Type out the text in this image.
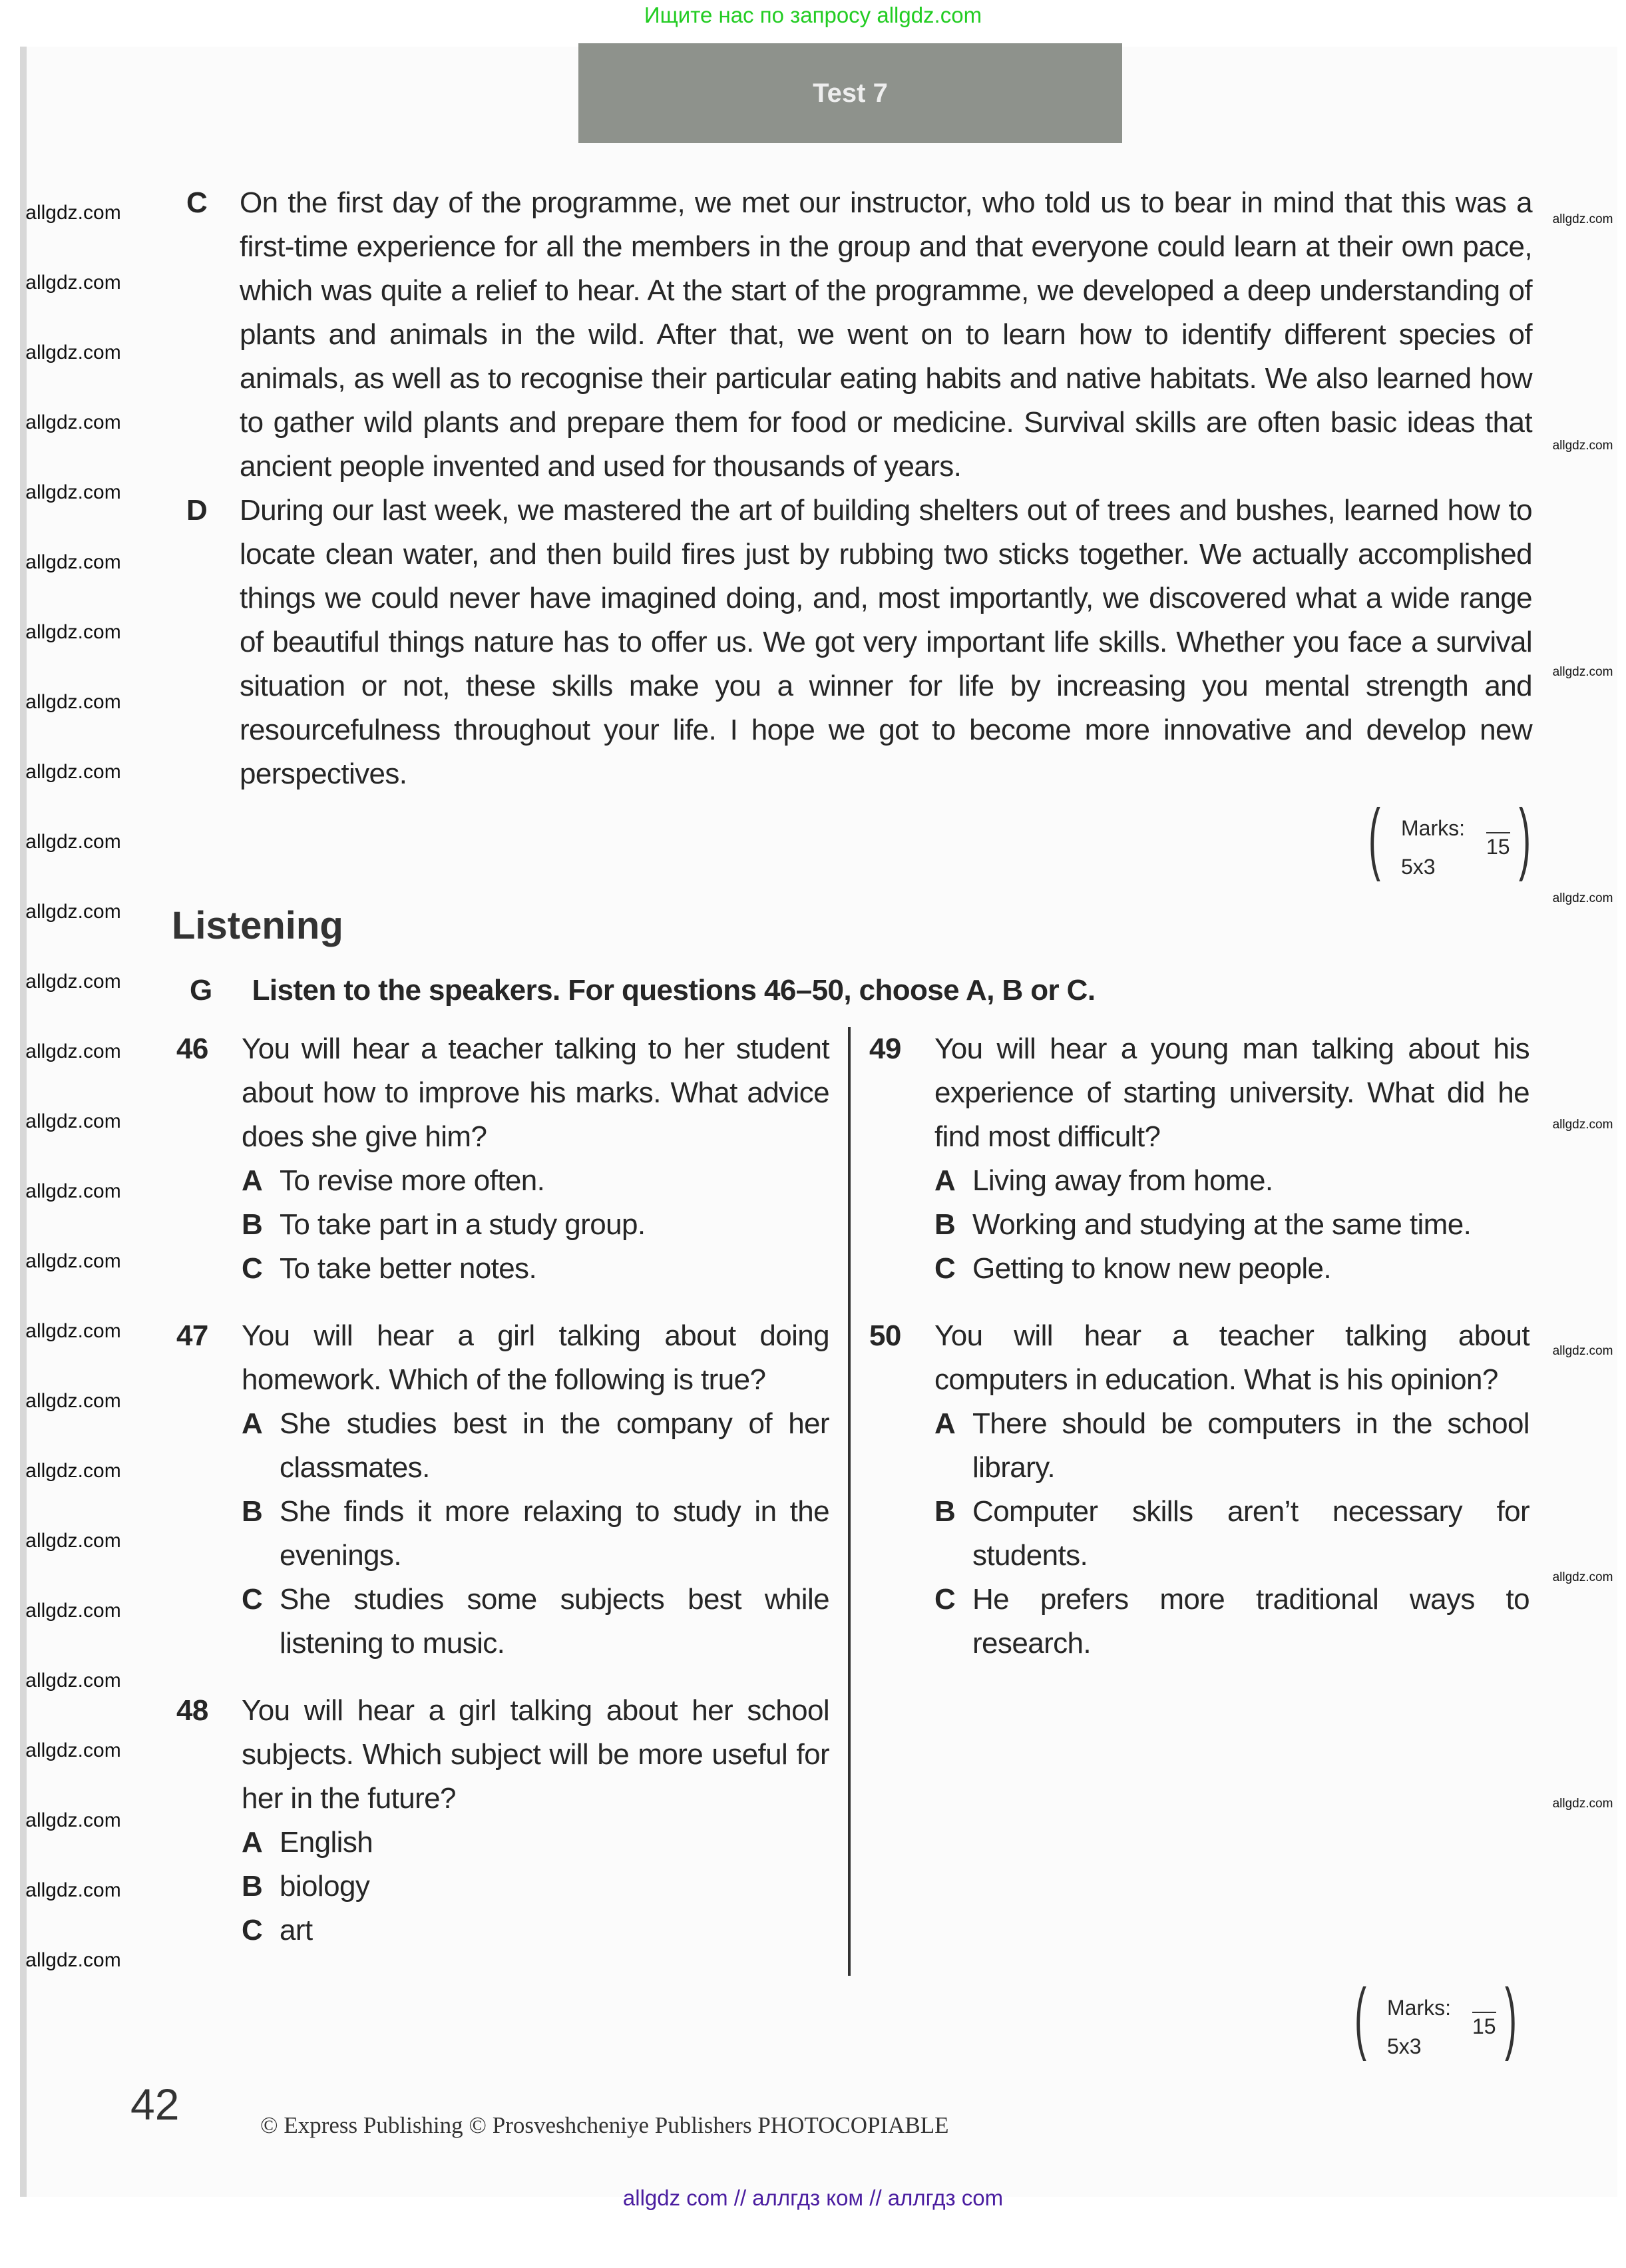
Ищите нас по запросу allgdz.com
Test 7
C On the first day of the programme, we met our instructor, who told us to bear in mind that this was a first-time experience for all the members in the group and that everyone could learn at their own pace, which was quite a relief to hear. At the start of the programme, we developed a deep understanding of plants and animals in the wild. After that, we went on to learn how to identify different species of animals, as well as to recognise their particular eating habits and native habitats. We also learned how to gather wild plants and prepare them for food or medicine. Survival skills are often basic ideas that ancient people invented and used for thousands of years.
D During our last week, we mastered the art of building shelters out of trees and bushes, learned how to locate clean water, and then build fires just by rubbing two sticks together. We actually accomplished things we could never have imagined doing, and, most importantly, we discovered what a wide range of beautiful things nature has to offer us. We got very important life skills. Whether you face a survival situation or not, these skills make you a winner for life by increasing you mental strength and resourcefulness throughout your life. I hope we got to become more innovative and develop new perspectives.
( )
Marks:
15
5x3
Listening
G Listen to the speakers. For questions 46–50, choose A, B or C.
46 You will hear a teacher talking to her student about how to improve his marks. What advice does she give him?
A To revise more often.
B To take part in a study group.
C To take better notes.
47 You will hear a girl talking about doing homework. Which of the following is true?
A She studies best in the company of her classmates.
B She finds it more relaxing to study in the evenings.
C She studies some subjects best while listening to music.
48 You will hear a girl talking about her school subjects. Which subject will be more useful for her in the future?
A English
B biology
C art
49 You will hear a young man talking about his experience of starting university. What did he find most difficult?
A Living away from home.
B Working and studying at the same time.
C Getting to know new people.
50 You will hear a teacher talking about computers in education. What is his opinion?
A There should be computers in the school library.
B Computer skills aren’t necessary for students.
C He prefers more traditional ways to research.
( )
Marks:
15
5x3
42	© Express Publishing © Prosveshcheniye Publishers PHOTOCOPIABLE
allgdz com // аллгдз ком // аллгдз com
allgdz.com
allgdz.com
allgdz.com
allgdz.com
allgdz.com
allgdz.com
allgdz.com
allgdz.com
allgdz.com
allgdz.com
allgdz.com
allgdz.com
allgdz.com
allgdz.com
allgdz.com
allgdz.com
allgdz.com
allgdz.com
allgdz.com
allgdz.com
allgdz.com
allgdz.com
allgdz.com
allgdz.com
allgdz.com
allgdz.com
allgdz.com
allgdz.com
allgdz.com
allgdz.com
allgdz.com
allgdz.com
allgdz.com
allgdz.com
